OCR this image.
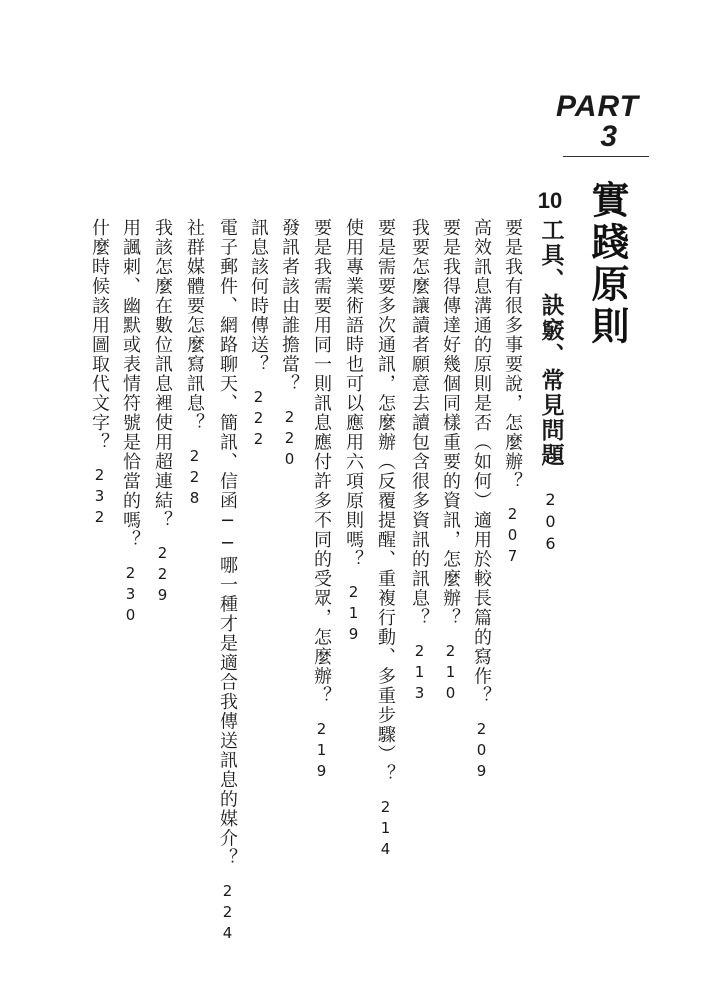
PART
3
實踐原則
10
工具、訣竅、常見問題
206
要是我有很多事要說，怎麼辦？
207
高效訊息溝通的原則是否（如何）適用於較長篇的寫作？
209
要是我得傳達好幾個同樣重要的資訊，怎麼辦？
210
我要怎麼讓讀者願意去讀包含很多資訊的訊息？
213
要是需要多次通訊，怎麼辦（反覆提醒、重複行動、多重步驟）？
214
使用專業術語時也可以應用六項原則嗎？
219
要是我需要用同一則訊息應付許多不同的受眾，怎麼辦？
219
發訊者該由誰擔當？
220
訊息該何時傳送？
222
電子郵件、網路聊天、簡訊、信函──哪一種才是適合我傳送訊息的媒介？
224
社群媒體要怎麼寫訊息？
228
我該怎麼在數位訊息裡使用超連結？
229
用諷刺、幽默或表情符號是恰當的嗎？
230
什麼時候該用圖取代文字？
232
